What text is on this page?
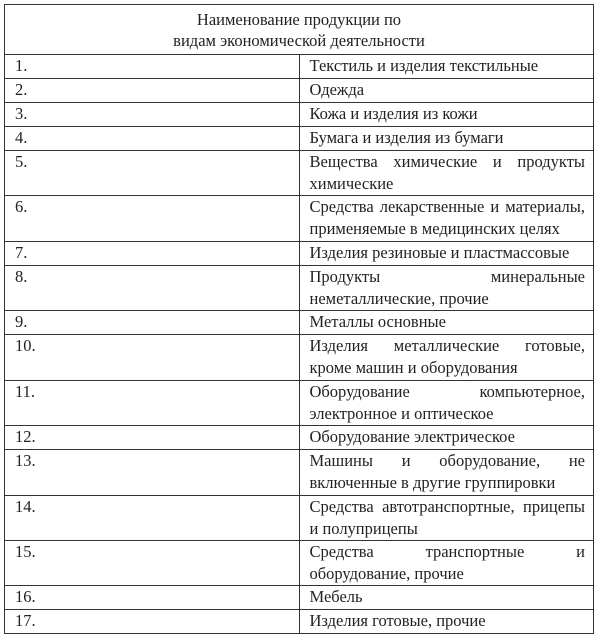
Наименование продукции по
видам экономической деятельности	

1.	Текстиль и изделия текстильные
2.	Одежда
3.	Кожа и изделия из кожи
4.	Бумага и изделия из бумаги
5.	Вещества химические и продукты химические
6.	Средства лекарственные и материалы, применяемые в медицинских целях
7.	Изделия резиновые и пластмассовые
8.	Продукты минеральные неметаллические, прочие
9.	Металлы основные
10.	Изделия металлические готовые, кроме машин и оборудования
11.	Оборудование компьютерное, электронное и оптическое
12.	Оборудование электрическое
13.	Машины и оборудование, не включенные в другие группировки
14.	Средства автотранспортные, прицепы и полуприцепы
15.	Средства транспортные и оборудование, прочие
16.	Мебель
17.	Изделия готовые, прочие
